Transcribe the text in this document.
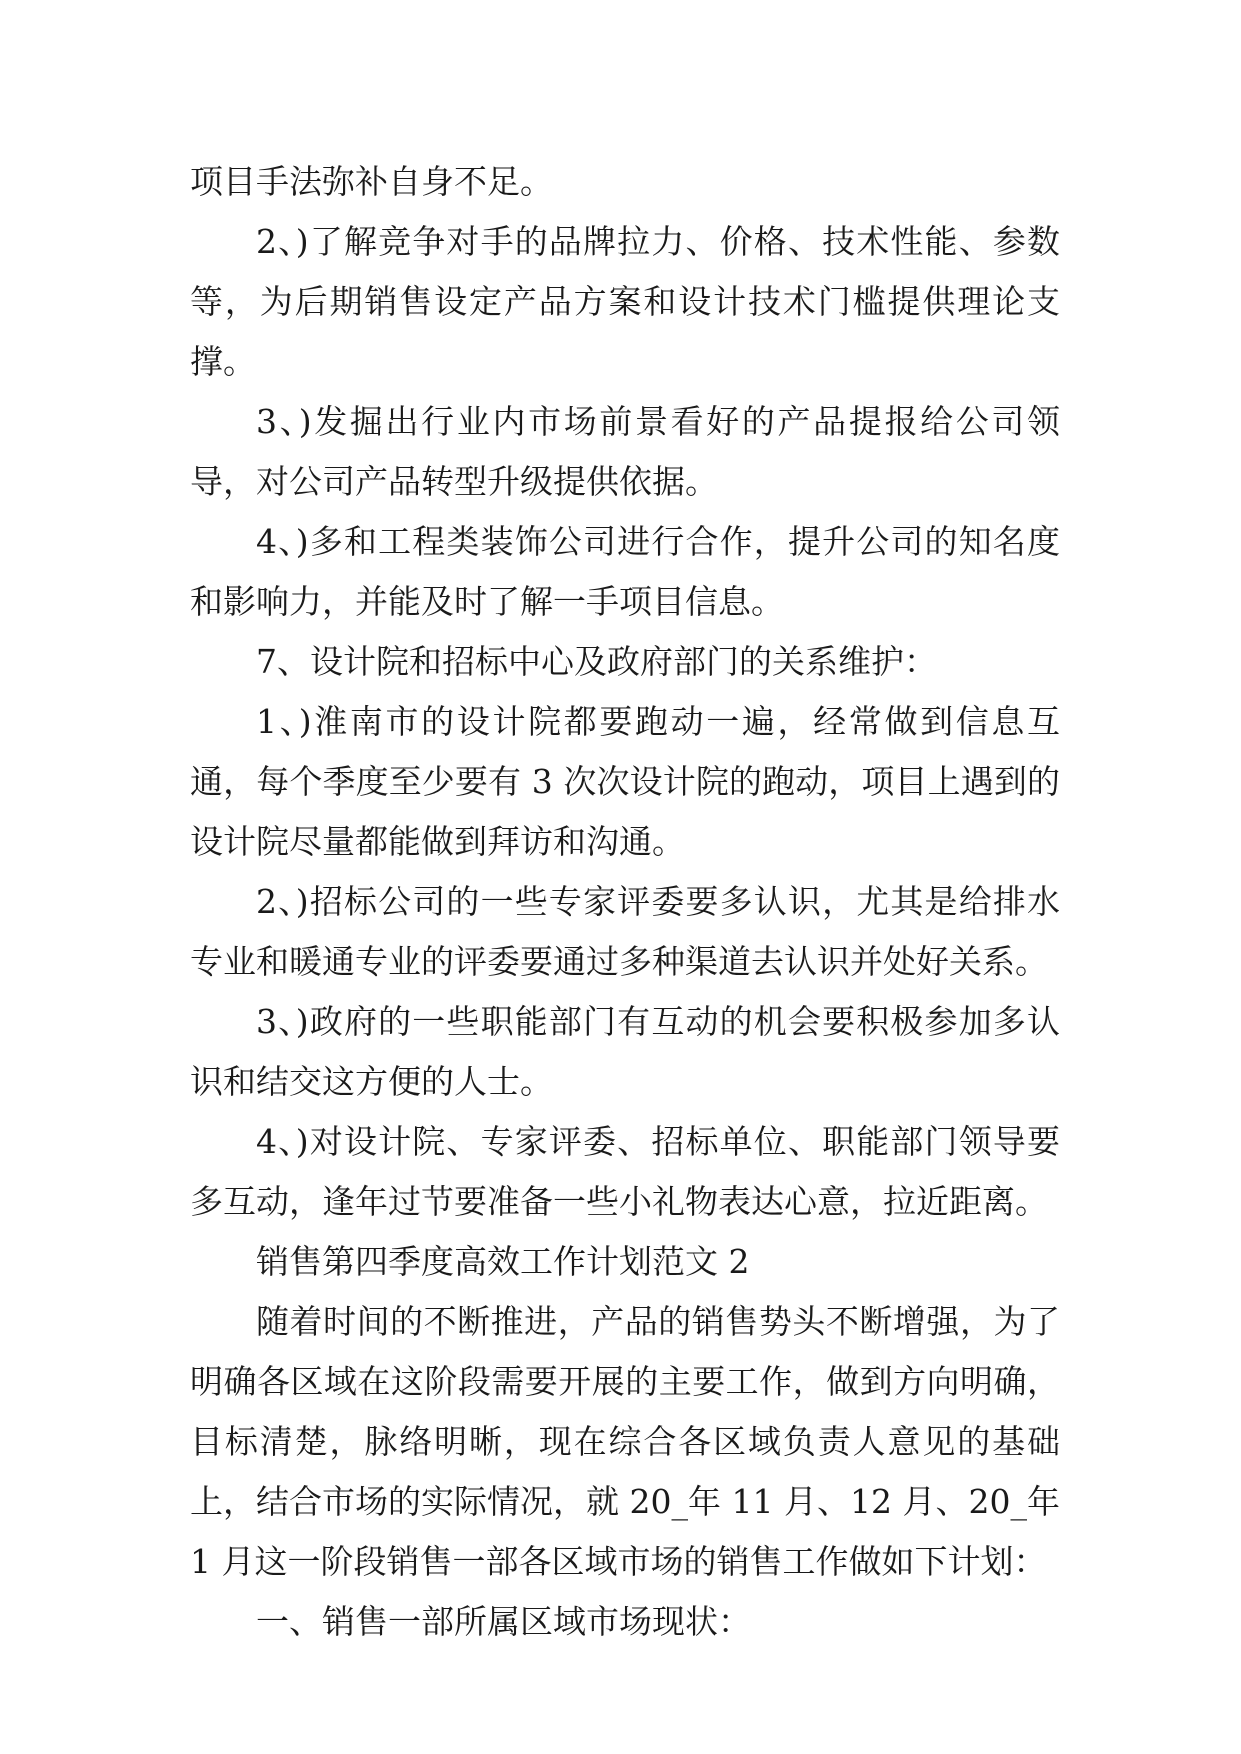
项目手法弥补自身不足。

2、)了解竞争对手的品牌拉力、价格、技术性能、参数等，为后期销售设定产品方案和设计技术门槛提供理论支撑。

3、)发掘出行业内市场前景看好的产品提报给公司领导，对公司产品转型升级提供依据。

4、)多和工程类装饰公司进行合作，提升公司的知名度和影响力，并能及时了解一手项目信息。

7、设计院和招标中心及政府部门的关系维护：

1、)淮南市的设计院都要跑动一遍，经常做到信息互通，每个季度至少要有 3 次次设计院的跑动，项目上遇到的设计院尽量都能做到拜访和沟通。

2、)招标公司的一些专家评委要多认识，尤其是给排水专业和暖通专业的评委要通过多种渠道去认识并处好关系。

3、)政府的一些职能部门有互动的机会要积极参加多认识和结交这方便的人士。

4、)对设计院、专家评委、招标单位、职能部门领导要多互动，逢年过节要准备一些小礼物表达心意，拉近距离。

销售第四季度高效工作计划范文 2

随着时间的不断推进，产品的销售势头不断增强，为了明确各区域在这阶段需要开展的主要工作，做到方向明确，目标清楚，脉络明晰，现在综合各区域负责人意见的基础上，结合市场的实际情况，就 20_年 11 月、12 月、20_年 1 月这一阶段销售一部各区域市场的销售工作做如下计划：

一、销售一部所属区域市场现状：
